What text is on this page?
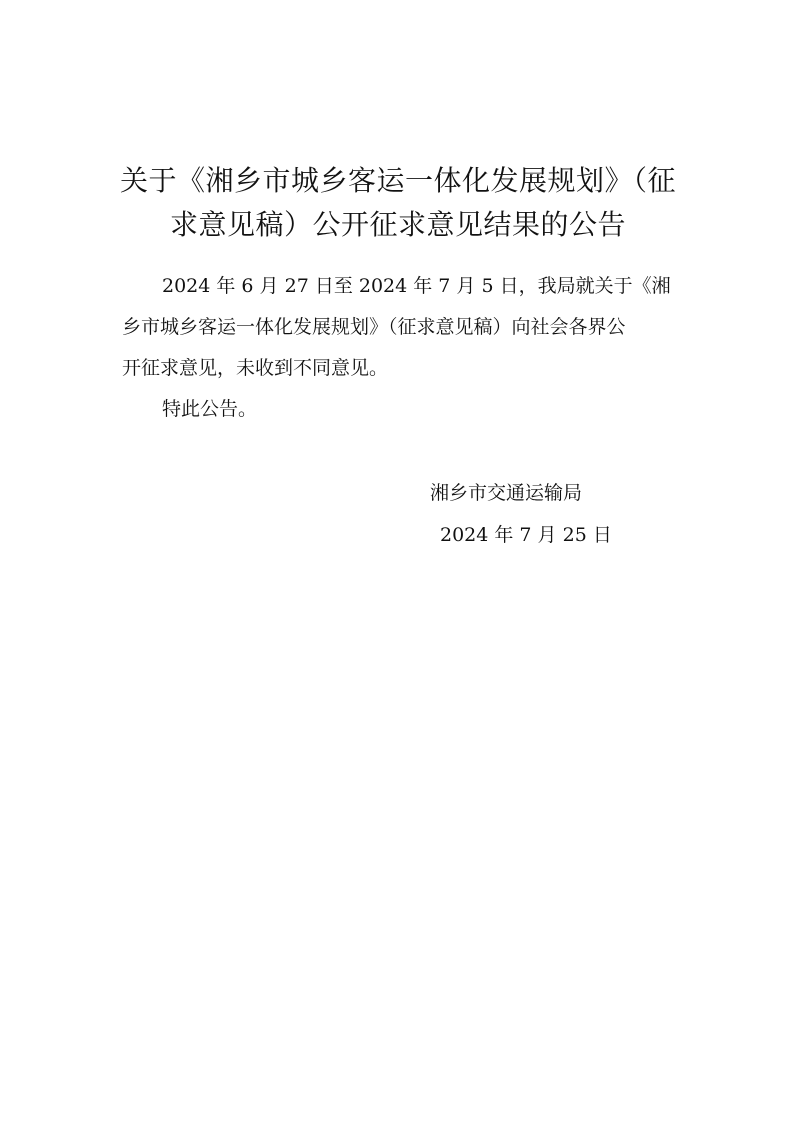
关于《湘乡市城乡客运一体化发展规划》（征
求意见稿）公开征求意见结果的公告
2024 年 6 月 27 日至 2024 年 7 月 5 日，我局就关于《湘
乡市城乡客运一体化发展规划》（征求意见稿）向社会各界公
开征求意见，未收到不同意见。
特此公告。
湘乡市交通运输局
2024 年 7 月 25 日
